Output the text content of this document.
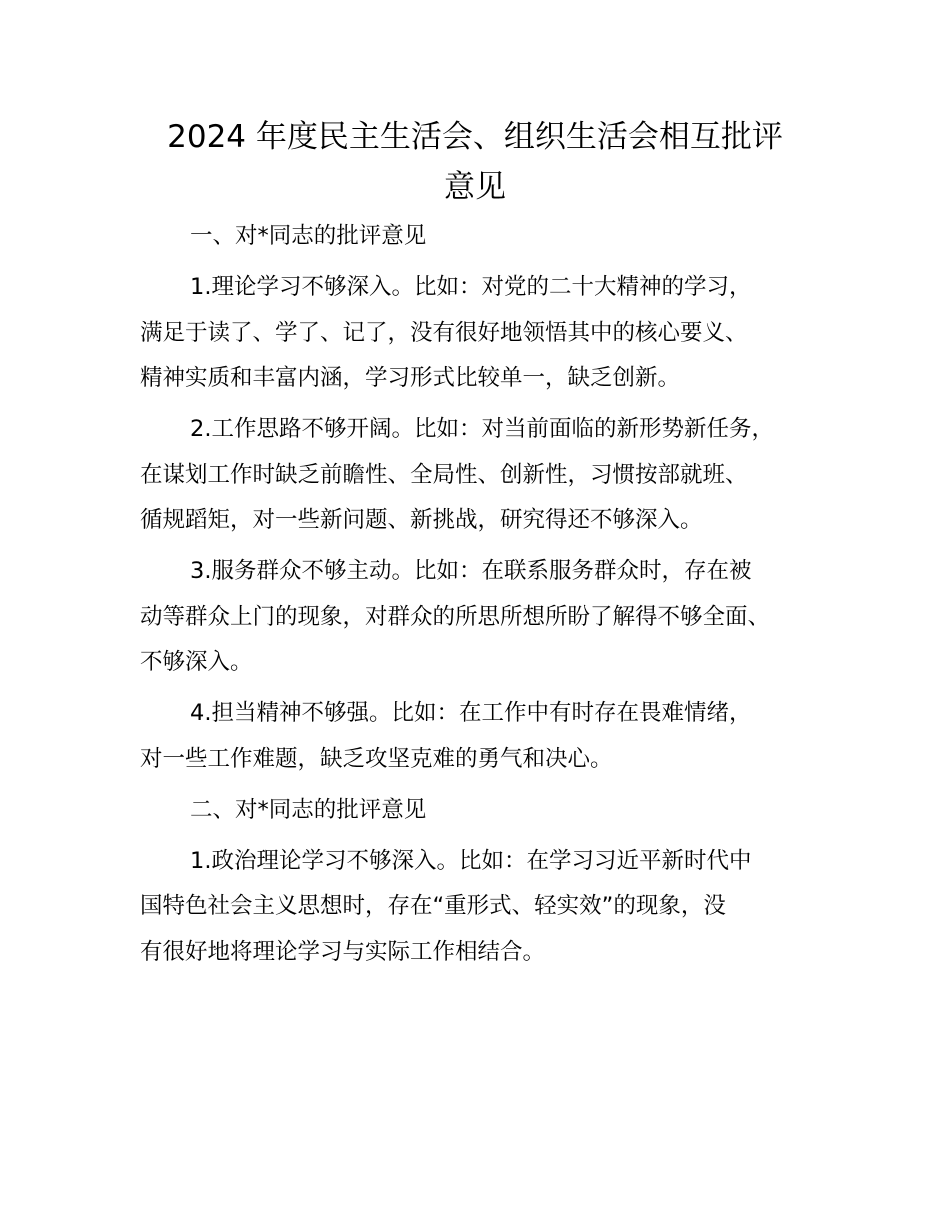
2024 年度民主生活会、组织生活会相互批评
意见

一、对*同志的批评意见

1.理论学习不够深入。比如：对党的二十大精神的学习，
满足于读了、学了、记了，没有很好地领悟其中的核心要义、
精神实质和丰富内涵，学习形式比较单一，缺乏创新。

2.工作思路不够开阔。比如：对当前面临的新形势新任务，
在谋划工作时缺乏前瞻性、全局性、创新性，习惯按部就班、
循规蹈矩，对一些新问题、新挑战，研究得还不够深入。

3.服务群众不够主动。比如：在联系服务群众时，存在被
动等群众上门的现象，对群众的所思所想所盼了解得不够全面、
不够深入。

4.担当精神不够强。比如：在工作中有时存在畏难情绪，
对一些工作难题，缺乏攻坚克难的勇气和决心。

二、对*同志的批评意见

1.政治理论学习不够深入。比如：在学习习近平新时代中
国特色社会主义思想时，存在“重形式、轻实效”的现象，没
有很好地将理论学习与实际工作相结合。
